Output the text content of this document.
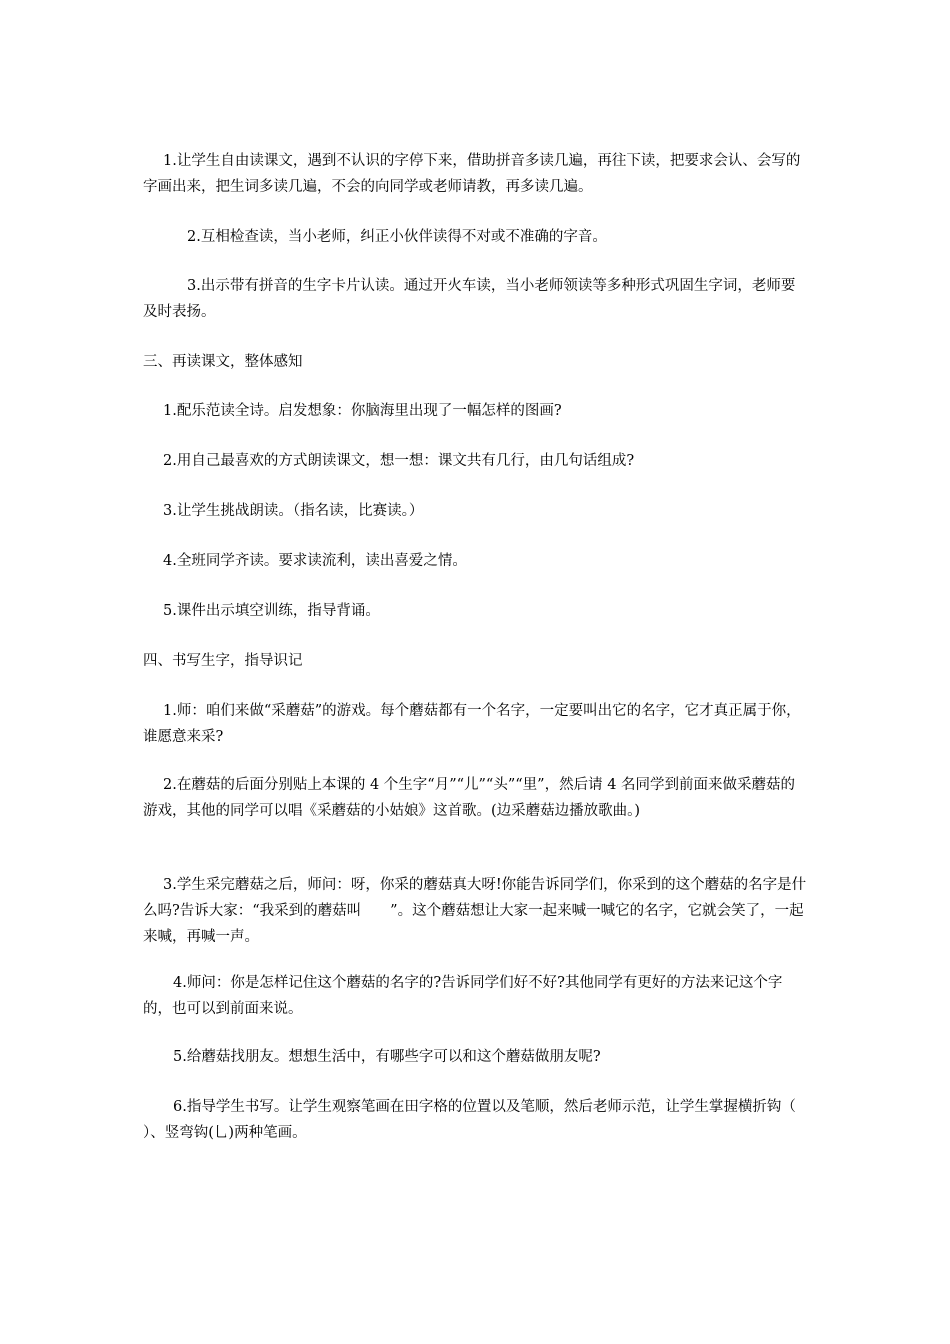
1.让学生自由读课文，遇到不认识的字停下来，借助拼音多读几遍，再往下读，把要求会认、会写的字画出来，把生词多读几遍，不会的向同学或老师请教，再多读几遍。

2.互相检查读，当小老师，纠正小伙伴读得不对或不准确的字音。

3.出示带有拼音的生字卡片认读。通过开火车读，当小老师领读等多种形式巩固生字词，老师要及时表扬。

三、再读课文，整体感知

1.配乐范读全诗。启发想象：你脑海里出现了一幅怎样的图画?

2.用自己最喜欢的方式朗读课文，想一想：课文共有几行，由几句话组成?

3.让学生挑战朗读。（指名读，比赛读。）

4.全班同学齐读。要求读流利，读出喜爱之情。

5.课件出示填空训练，指导背诵。

四、书写生字，指导识记

1.师：咱们来做“采蘑菇”的游戏。每个蘑菇都有一个名字，一定要叫出它的名字，它才真正属于你，谁愿意来采?

2.在蘑菇的后面分别贴上本课的 4 个生字“月”“儿”“头”“里”，然后请 4 名同学到前面来做采蘑菇的游戏，其他的同学可以唱《采蘑菇的小姑娘》这首歌。(边采蘑菇边播放歌曲。)

3.学生采完蘑菇之后，师问：呀，你采的蘑菇真大呀!你能告诉同学们，你采到的这个蘑菇的名字是什么吗?告诉大家：“我采到的蘑菇叫　　”。这个蘑菇想让大家一起来喊一喊它的名字，它就会笑了，一起来喊，再喊一声。

4.师问：你是怎样记住这个蘑菇的名字的?告诉同学们好不好?其他同学有更好的方法来记这个字的，也可以到前面来说。

5.给蘑菇找朋友。想想生活中，有哪些字可以和这个蘑菇做朋友呢?

6.指导学生书写。让学生观察笔画在田字格的位置以及笔顺，然后老师示范，让学生掌握横折钩（ ）、竖弯钩(乚)两种笔画。
